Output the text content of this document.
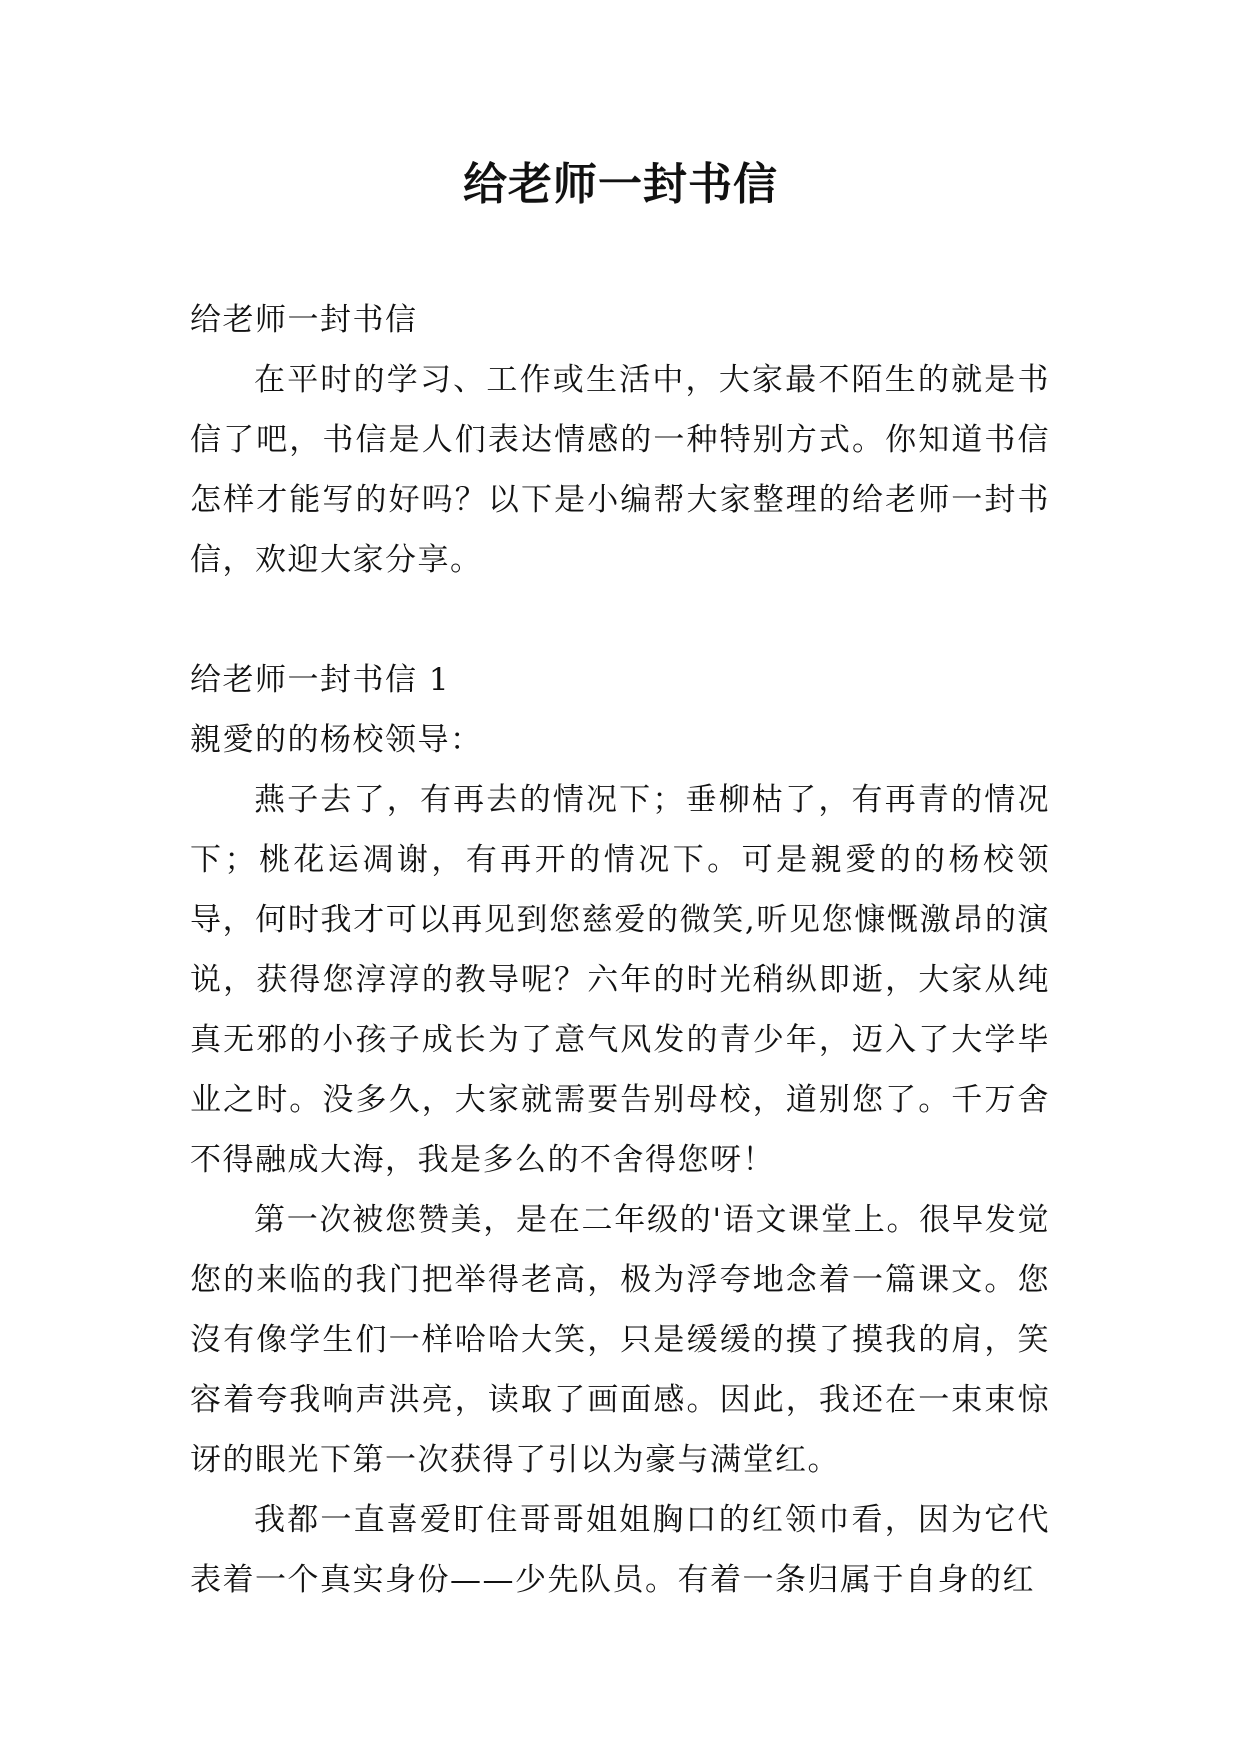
给老师一封书信

给老师一封书信

在平时的学习、工作或生活中，大家最不陌生的就是书信了吧，书信是人们表达情感的一种特别方式。你知道书信怎样才能写的好吗？以下是小编帮大家整理的给老师一封书信，欢迎大家分享。

给老师一封书信 1

親愛的的杨校领导：

燕子去了，有再去的情况下；垂柳枯了，有再青的情况下；桃花运凋谢，有再开的情况下。可是親愛的的杨校领导，何时我才可以再见到您慈爱的微笑,听见您慷慨激昂的演说，获得您淳淳的教导呢？六年的时光稍纵即逝，大家从纯真无邪的小孩子成长为了意气风发的青少年，迈入了大学毕业之时。没多久，大家就需要告别母校，道别您了。千万舍不得融成大海，我是多么的不舍得您呀！

第一次被您赞美，是在二年级的'语文课堂上。很早发觉您的来临的我门把举得老高，极为浮夸地念着一篇课文。您沒有像学生们一样哈哈大笑，只是缓缓的摸了摸我的肩，笑容着夸我响声洪亮，读取了画面感。因此，我还在一束束惊讶的眼光下第一次获得了引以为豪与满堂红。

我都一直喜爱盯住哥哥姐姐胸口的红领巾看，因为它代表着一个真实身份——少先队员。有着一条归属于自身的红
